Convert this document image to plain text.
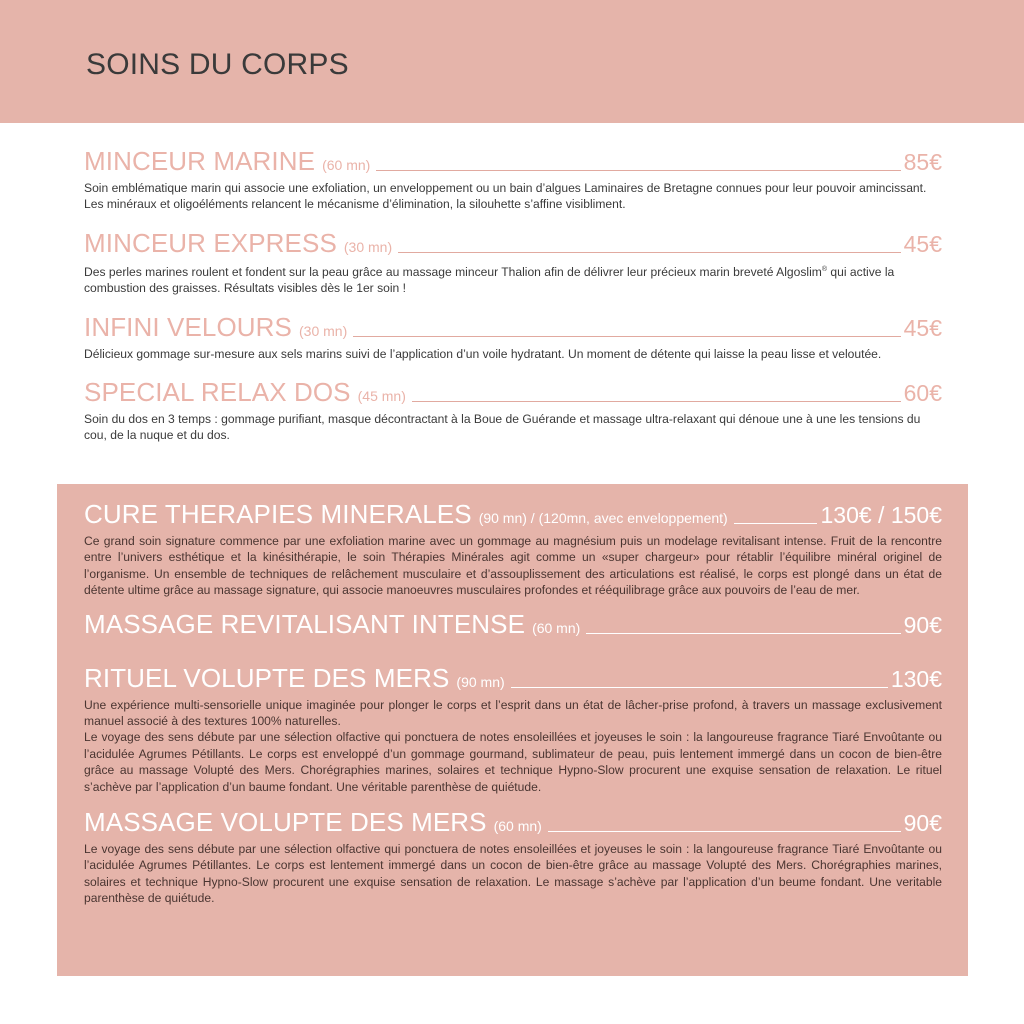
SOINS DU CORPS
MINCEUR MARINE (60 mn)	85€

Soin emblématique marin qui associe une exfoliation, un enveloppement ou un bain d’algues Laminaires de Bretagne connues pour leur pouvoir amincissant. Les minéraux et oligoéléments relancent le mécanisme d’élimination, la silouhette s’affine visibliment.

MINCEUR EXPRESS (30 mn)	45€

Des perles marines roulent et fondent sur la peau grâce au massage minceur Thalion afin de délivrer leur précieux marin breveté Algoslim® qui active la combustion des graisses. Résultats visibles dès le 1er soin !

INFINI VELOURS (30 mn)	45€

Délicieux gommage sur-mesure aux sels marins suivi de l’application d’un voile hydratant. Un moment de détente qui laisse la peau lisse et veloutée.

SPECIAL RELAX DOS (45 mn)	60€

Soin du dos en 3 temps : gommage purifiant, masque décontractant à la Boue de Guérande et massage ultra-relaxant qui dénoue une à une les tensions du cou, de la nuque et du dos.

CURE THERAPIES MINERALES (90 mn) / (120mn, avec enveloppement)	130€ / 150€

Ce grand soin signature commence par une exfoliation marine avec un gommage au magnésium puis un modelage revitalisant intense. Fruit de la rencontre entre l’univers esthétique et la kinésithérapie, le soin Thérapies Minérales agit comme un «super chargeur» pour rétablir l’équilibre minéral originel de l’organisme. Un ensemble de techniques de relâchement musculaire et d’assouplissement des articulations est réalisé, le corps est plongé dans un état de détente ultime grâce au massage signature, qui associe manoeuvres musculaires profondes et rééquilibrage grâce aux pouvoirs de l’eau de mer.

MASSAGE REVITALISANT INTENSE (60 mn)	90€
RITUEL VOLUPTE DES MERS (90 mn)	130€

Une expérience multi-sensorielle unique imaginée pour plonger le corps et l’esprit dans un état de lâcher-prise profond, à travers un massage exclusivement manuel associé à des textures 100% naturelles.

Le voyage des sens débute par une sélection olfactive qui ponctuera de notes ensoleillées et joyeuses le soin : la langoureuse fragrance Tiaré Envoûtante ou l’acidulée Agrumes Pétillants. Le corps est enveloppé d’un gommage gourmand, sublimateur de peau, puis lentement immergé dans un cocon de bien-être grâce au massage Volupté des Mers. Chorégraphies marines, solaires et technique Hypno-Slow procurent une exquise sensation de relaxation. Le rituel s’achève par l’application d’un baume fondant. Une véritable parenthèse de quiétude.

MASSAGE VOLUPTE DES MERS (60 mn)	90€

Le voyage des sens débute par une sélection olfactive qui ponctuera de notes ensoleillées et joyeuses le soin : la langoureuse fragrance Tiaré Envoûtante ou l’acidulée Agrumes Pétillantes. Le corps est lentement immergé dans un cocon de bien-être grâce au massage Volupté des Mers. Chorégraphies marines, solaires et technique Hypno-Slow procurent une exquise sensation de relaxation. Le massage s’achève par l’application d’un beume fondant. Une veritable parenthèse de quiétude.
